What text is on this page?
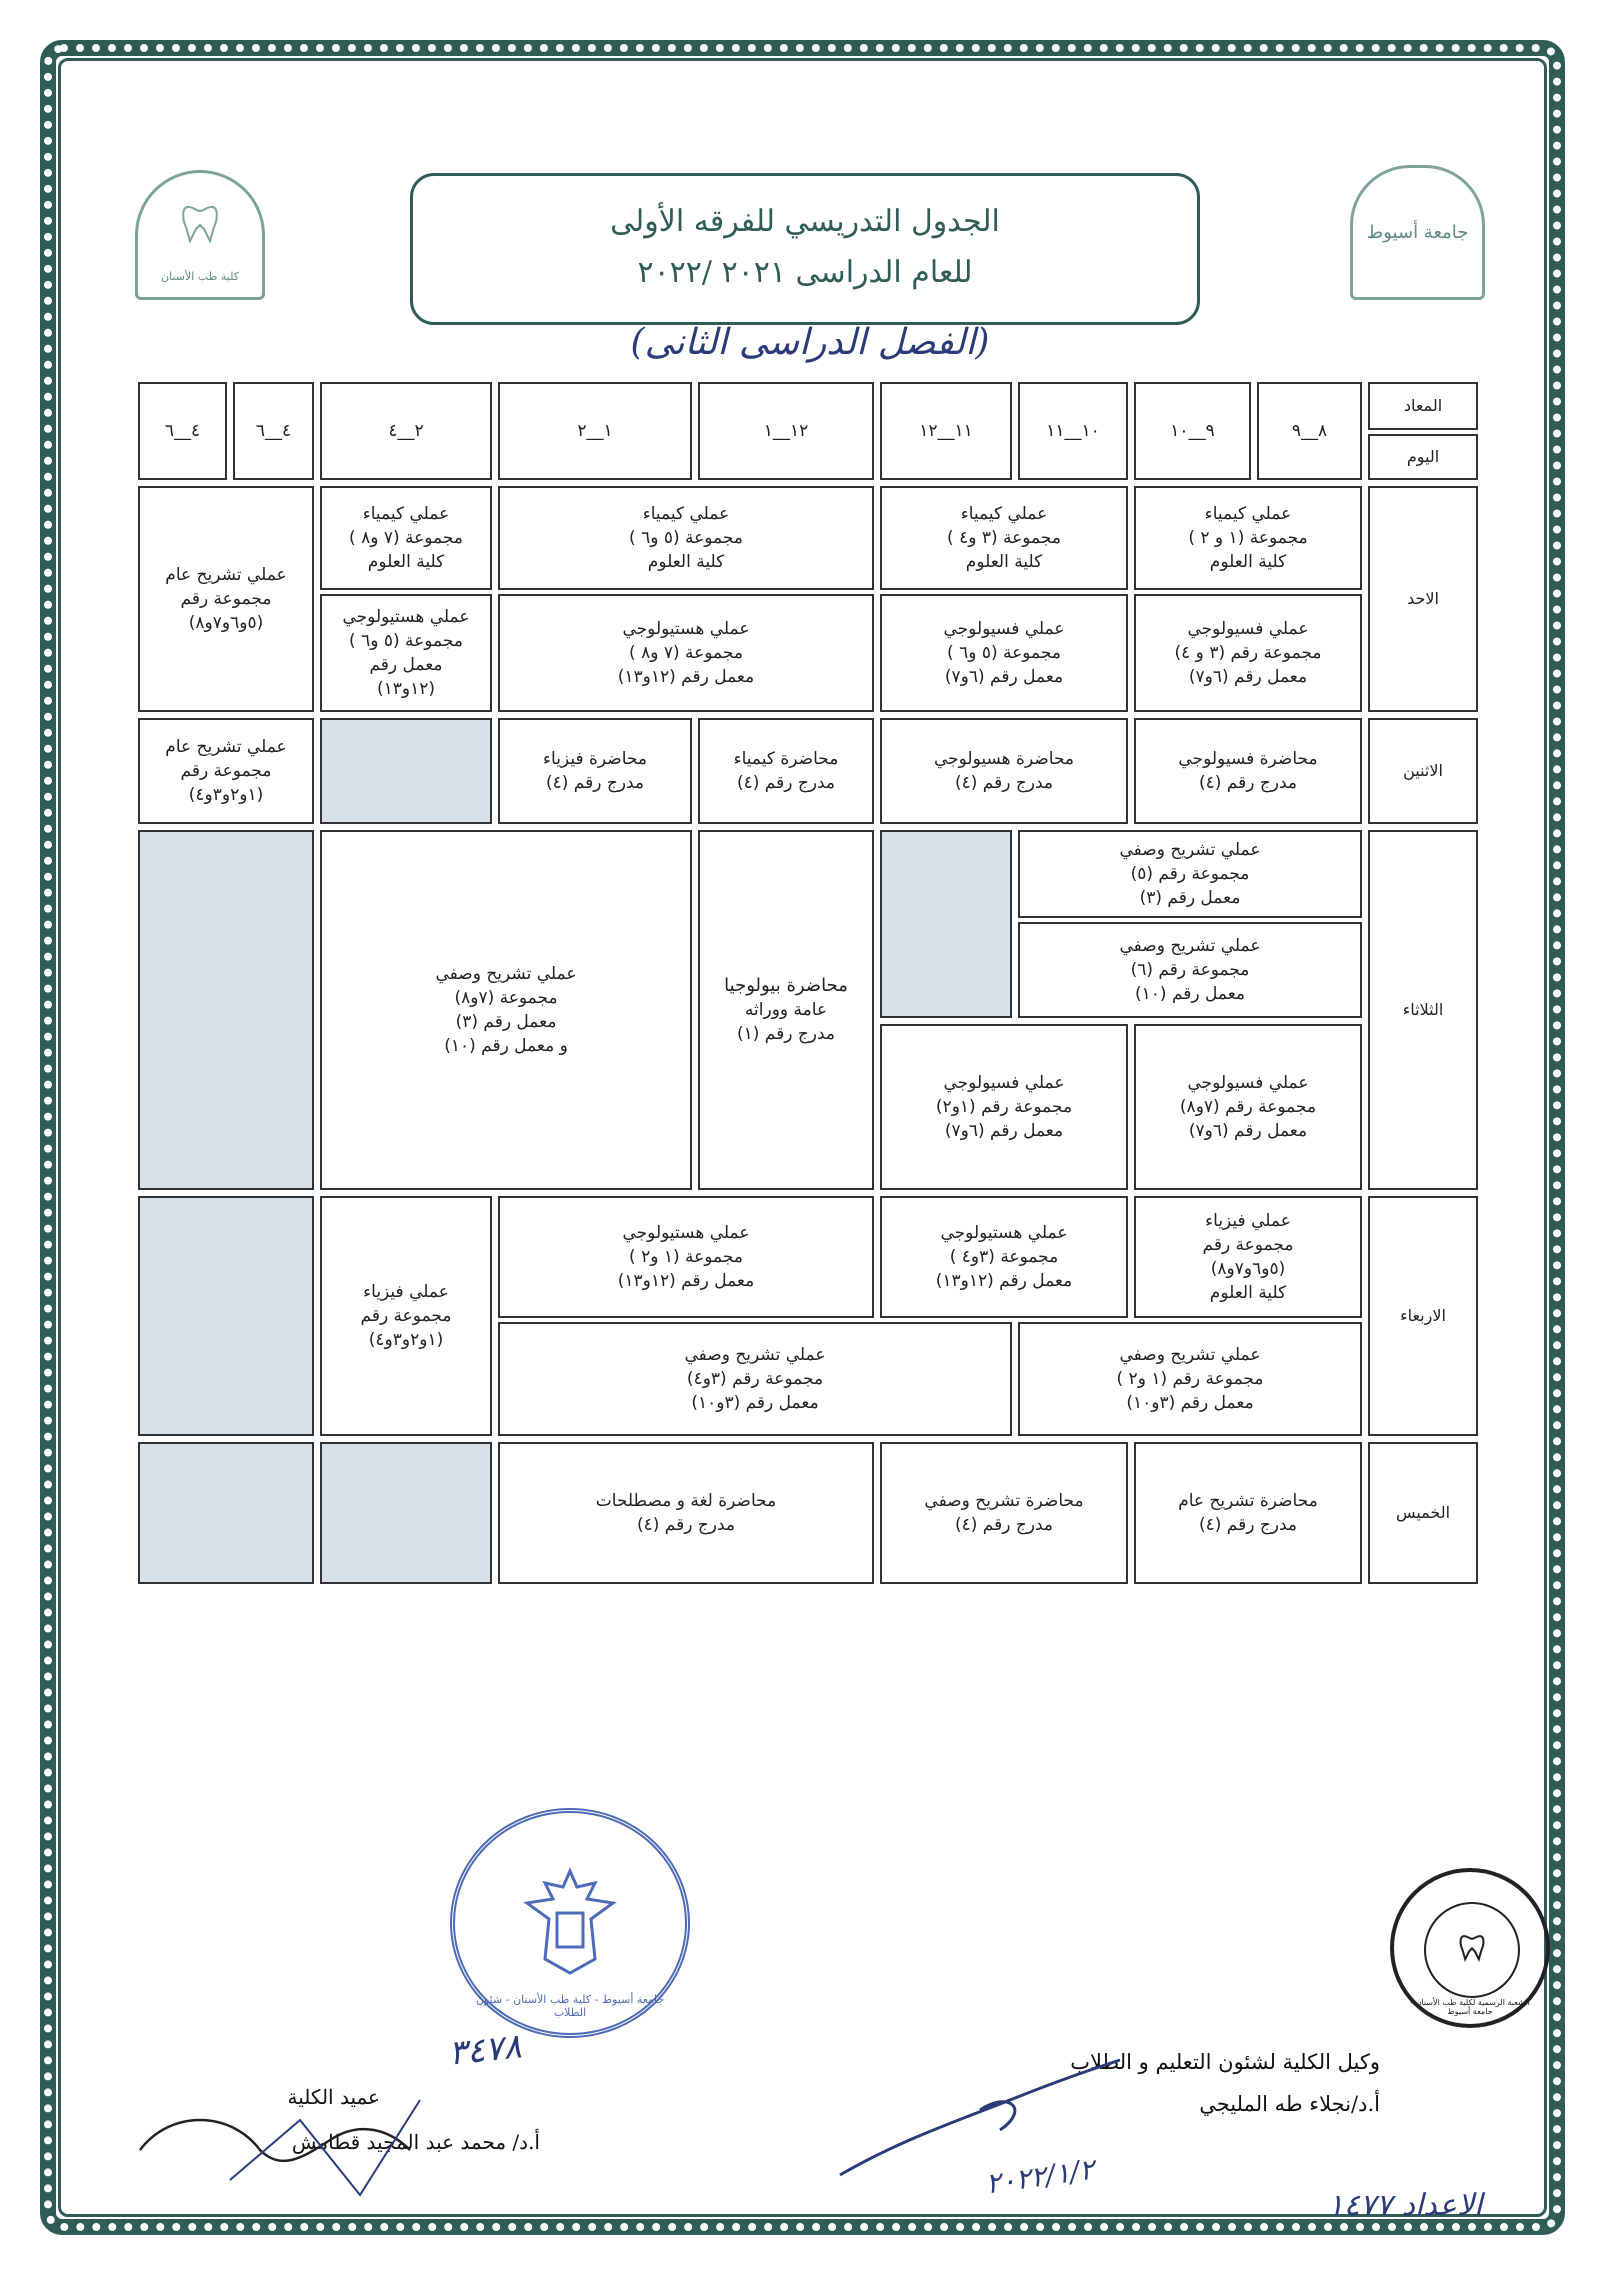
جامعة أسيوط
كلية طب الأسنان
الجدول التدريسي للفرقه الأولى
للعام الدراسى ٢٠٢١ /٢٠٢٢
(الفصل الدراسى الثانى)
المعاد
اليوم
٨__٩
٩__١٠
١٠__١١
١١__١٢
١٢__١
١__٢
٢__٤
٤__٦
٤__٦
الاحد
الاثنين
الثلاثاء
الاربعاء
الخميس
عملي كيمياء
مجموعة (١ و ٢ )
كلية العلوم
عملي كيمياء
مجموعة (٣ و٤ )
كلية العلوم
عملي كيمياء
مجموعة (٥ و٦ )
كلية العلوم
عملي كيمياء
مجموعة (٧ و٨ )
كلية العلوم
عملي فسيولوجي
مجموعة رقم (٣ و ٤)
معمل رقم (٦و٧)
عملي فسيولوجي
مجموعة (٥ و٦ )
معمل رقم (٦و٧)
عملي هستيولوجي
مجموعة (٧ و٨ )
معمل رقم (١٢و١٣)
عملي هستيولوجي
مجموعة (٥ و٦ )
معمل رقم
(١٢و١٣)
عملي تشريح عام
مجموعة رقم
(٥و٦و٧و٨)
محاضرة فسيولوجي
مدرج رقم (٤)
محاضرة هسيولوجي
مدرج رقم (٤)
محاضرة كيمياء
مدرج رقم (٤)
محاضرة فيزياء
مدرج رقم (٤)
عملي تشريح عام
مجموعة رقم
(١و٢و٣و٤)
عملي تشريح وصفي
مجموعة رقم (٥)
معمل رقم (٣)
عملي تشريح وصفي
مجموعة رقم (٦)
معمل رقم (١٠)
عملي فسيولوجي
مجموعة رقم (٧و٨)
معمل رقم (٦و٧)
عملي فسيولوجي
مجموعة رقم (١و٢)
معمل رقم (٦و٧)
محاضرة بيولوجيا
عامة ووراثه
مدرج رقم (١)
عملي تشريح وصفي
مجموعة (٧و٨)
معمل رقم (٣)
و معمل رقم (١٠)
عملي فيزياء
مجموعة رقم
(٥و٦و٧و٨)
كلية العلوم
عملي هستيولوجي
مجموعة (٣و٤ )
معمل رقم (١٢و١٣)
عملي هستيولوجي
مجموعة (١ و٢ )
معمل رقم (١٢و١٣)
عملي تشريح وصفي
مجموعة رقم (١ و٢ )
معمل رقم (٣و١٠)
عملي تشريح وصفي
مجموعة رقم (٣و٤)
معمل رقم (٣و١٠)
عملي فيزياء
مجموعة رقم
(١و٢و٣و٤)
محاضرة تشريح عام
مدرج رقم (٤)
محاضرة تشريح وصفي
مدرج رقم (٤)
محاضرة لغة و مصطلحات
مدرج رقم (٤)
جامعة أسيوط - كلية طب الأسنان - شئون الطلاب
الشعبة الرسمية لكلية طب الأسنان - جامعة أسيوط
وكيل الكلية لشئون التعليم و الطلاب
أ.د/نجلاء طه المليجي
عميد الكلية
أ.د/ محمد عبد المجيد قطامش
٣٤٧٨
٢٠٢٢/١/٢
الاعداد ١٤٧٧
